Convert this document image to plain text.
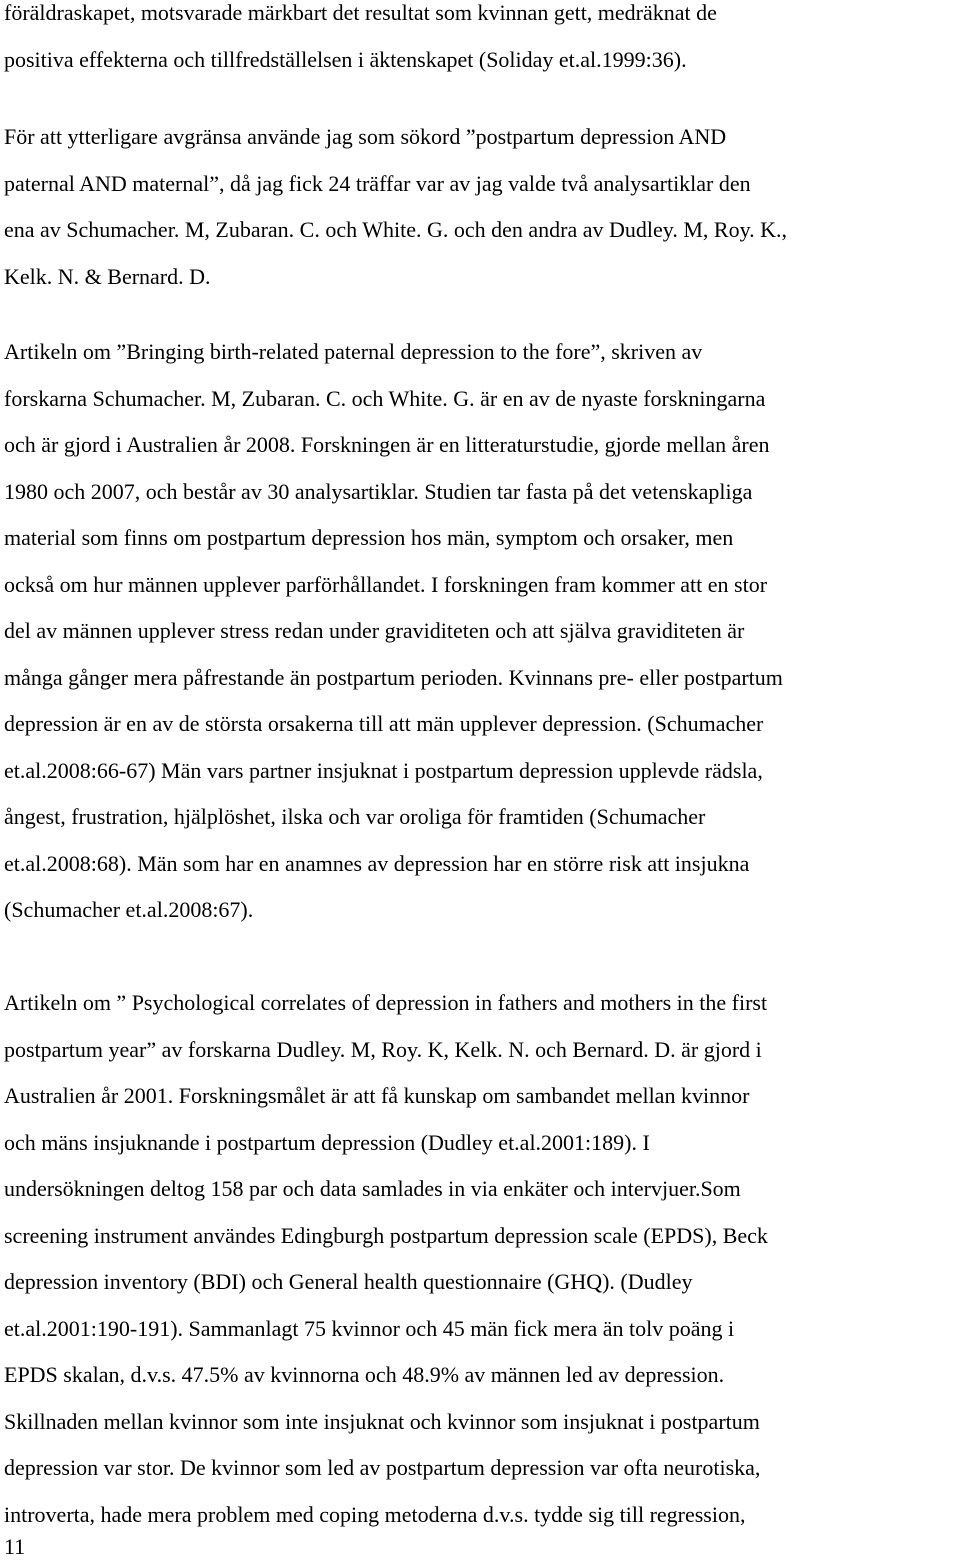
föräldraskapet, motsvarade märkbart det resultat som kvinnan gett, medräknat de

positiva effekterna och tillfredställelsen i äktenskapet (Soliday et.al.1999:36).

För att ytterligare avgränsa använde jag som sökord ”postpartum depression AND

paternal AND maternal”, då jag fick 24 träffar var av jag valde två analysartiklar den

ena av Schumacher. M, Zubaran. C. och White. G. och den andra av Dudley. M, Roy. K.,

Kelk. N. & Bernard. D.

Artikeln om ”Bringing birth-related paternal depression to the fore”, skriven av

forskarna Schumacher. M, Zubaran. C. och White. G. är en av de nyaste forskningarna

och är gjord i Australien år 2008. Forskningen är en litteraturstudie, gjorde mellan åren

1980 och 2007, och består av 30 analysartiklar. Studien tar fasta på det vetenskapliga

material som finns om postpartum depression hos män, symptom och orsaker, men

också om hur männen upplever parförhållandet. I forskningen fram kommer att en stor

del av männen upplever stress redan under graviditeten och att själva graviditeten är

många gånger mera påfrestande än postpartum perioden. Kvinnans pre- eller postpartum

depression är en av de största orsakerna till att män upplever depression. (Schumacher

et.al.2008:66-67) Män vars partner insjuknat i postpartum depression upplevde rädsla,

ångest, frustration, hjälplöshet, ilska och var oroliga för framtiden (Schumacher

et.al.2008:68). Män som har en anamnes av depression har en större risk att insjukna

(Schumacher et.al.2008:67).

Artikeln om ” Psychological correlates of depression in fathers and mothers in the first

postpartum year” av forskarna Dudley. M, Roy. K, Kelk. N. och Bernard. D. är gjord i

Australien år 2001. Forskningsmålet är att få kunskap om sambandet mellan kvinnor

och mäns insjuknande i postpartum depression (Dudley et.al.2001:189). I

undersökningen deltog 158 par och data samlades in via enkäter och intervjuer.Som

screening instrument användes Edingburgh postpartum depression scale (EPDS), Beck

depression inventory (BDI) och General health questionnaire (GHQ). (Dudley

et.al.2001:190-191). Sammanlagt 75 kvinnor och 45 män fick mera än tolv poäng i

EPDS skalan, d.v.s. 47.5% av kvinnorna och 48.9% av männen led av depression.

Skillnaden mellan kvinnor som inte insjuknat och kvinnor som insjuknat i postpartum

depression var stor. De kvinnor som led av postpartum depression var ofta neurotiska,

introverta, hade mera problem med coping metoderna d.v.s. tydde sig till regression,

11
